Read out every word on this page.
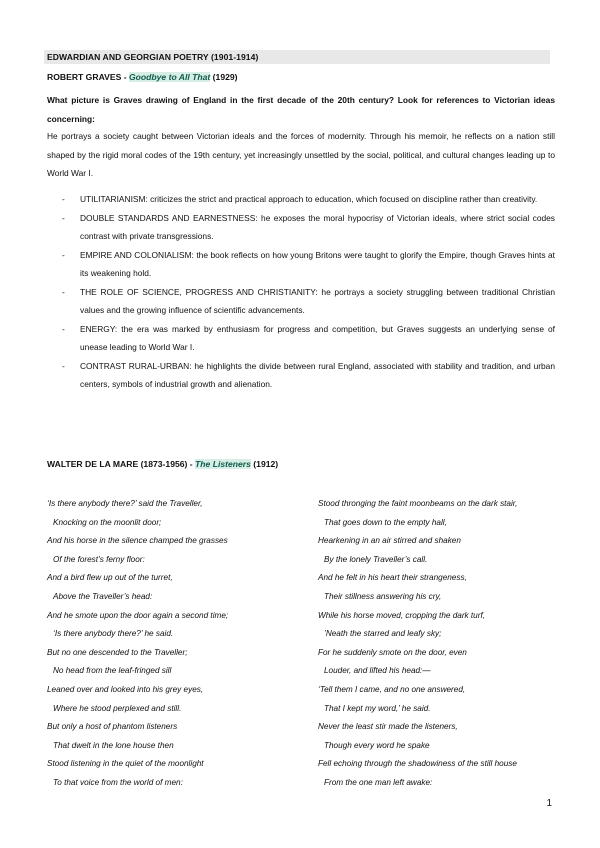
EDWARDIAN AND GEORGIAN POETRY (1901-1914)
ROBERT GRAVES - Goodbye to All That (1929)
What picture is Graves drawing of England in the first decade of the 20th century? Look for references to Victorian ideas concerning:
He portrays a society caught between Victorian ideals and the forces of modernity. Through his memoir, he reflects on a nation still shaped by the rigid moral codes of the 19th century, yet increasingly unsettled by the social, political, and cultural changes leading up to World War I.
- UTILITARIANISM: criticizes the strict and practical approach to education, which focused on discipline rather than creativity.
- DOUBLE STANDARDS AND EARNESTNESS: he exposes the moral hypocrisy of Victorian ideals, where strict social codes contrast with private transgressions.
- EMPIRE AND COLONIALISM: the book reflects on how young Britons were taught to glorify the Empire, though Graves hints at its weakening hold.
- THE ROLE OF SCIENCE, PROGRESS AND CHRISTIANITY: he portrays a society struggling between traditional Christian values and the growing influence of scientific advancements.
- ENERGY: the era was marked by enthusiasm for progress and competition, but Graves suggests an underlying sense of unease leading to World War I.
- CONTRAST RURAL-URBAN: he highlights the divide between rural England, associated with stability and tradition, and urban centers, symbols of industrial growth and alienation.
WALTER DE LA MARE (1873-1956) - The Listeners (1912)
‘Is there anybody there?’ said the Traveller,
Knocking on the moonlit door;
And his horse in the silence champed the grasses
Of the forest’s ferny floor:
And a bird flew up out of the turret,
Above the Traveller’s head:
And he smote upon the door again a second time;
‘Is there anybody there?’ he said.
But no one descended to the Traveller;
No head from the leaf-fringed sill
Leaned over and looked into his grey eyes,
Where he stood perplexed and still.
But only a host of phantom listeners
That dwelt in the lone house then
Stood listening in the quiet of the moonlight
To that voice from the world of men:
Stood thronging the faint moonbeams on the dark stair,
That goes down to the empty hall,
Hearkening in an air stirred and shaken
By the lonely Traveller’s call.
And he felt in his heart their strangeness,
Their stillness answering his cry,
While his horse moved, cropping the dark turf,
’Neath the starred and leafy sky;
For he suddenly smote on the door, even
Louder, and lifted his head:—
‘Tell them I came, and no one answered,
That I kept my word,’ he said.
Never the least stir made the listeners,
Though every word he spake
Fell echoing through the shadowiness of the still house
From the one man left awake:
1
